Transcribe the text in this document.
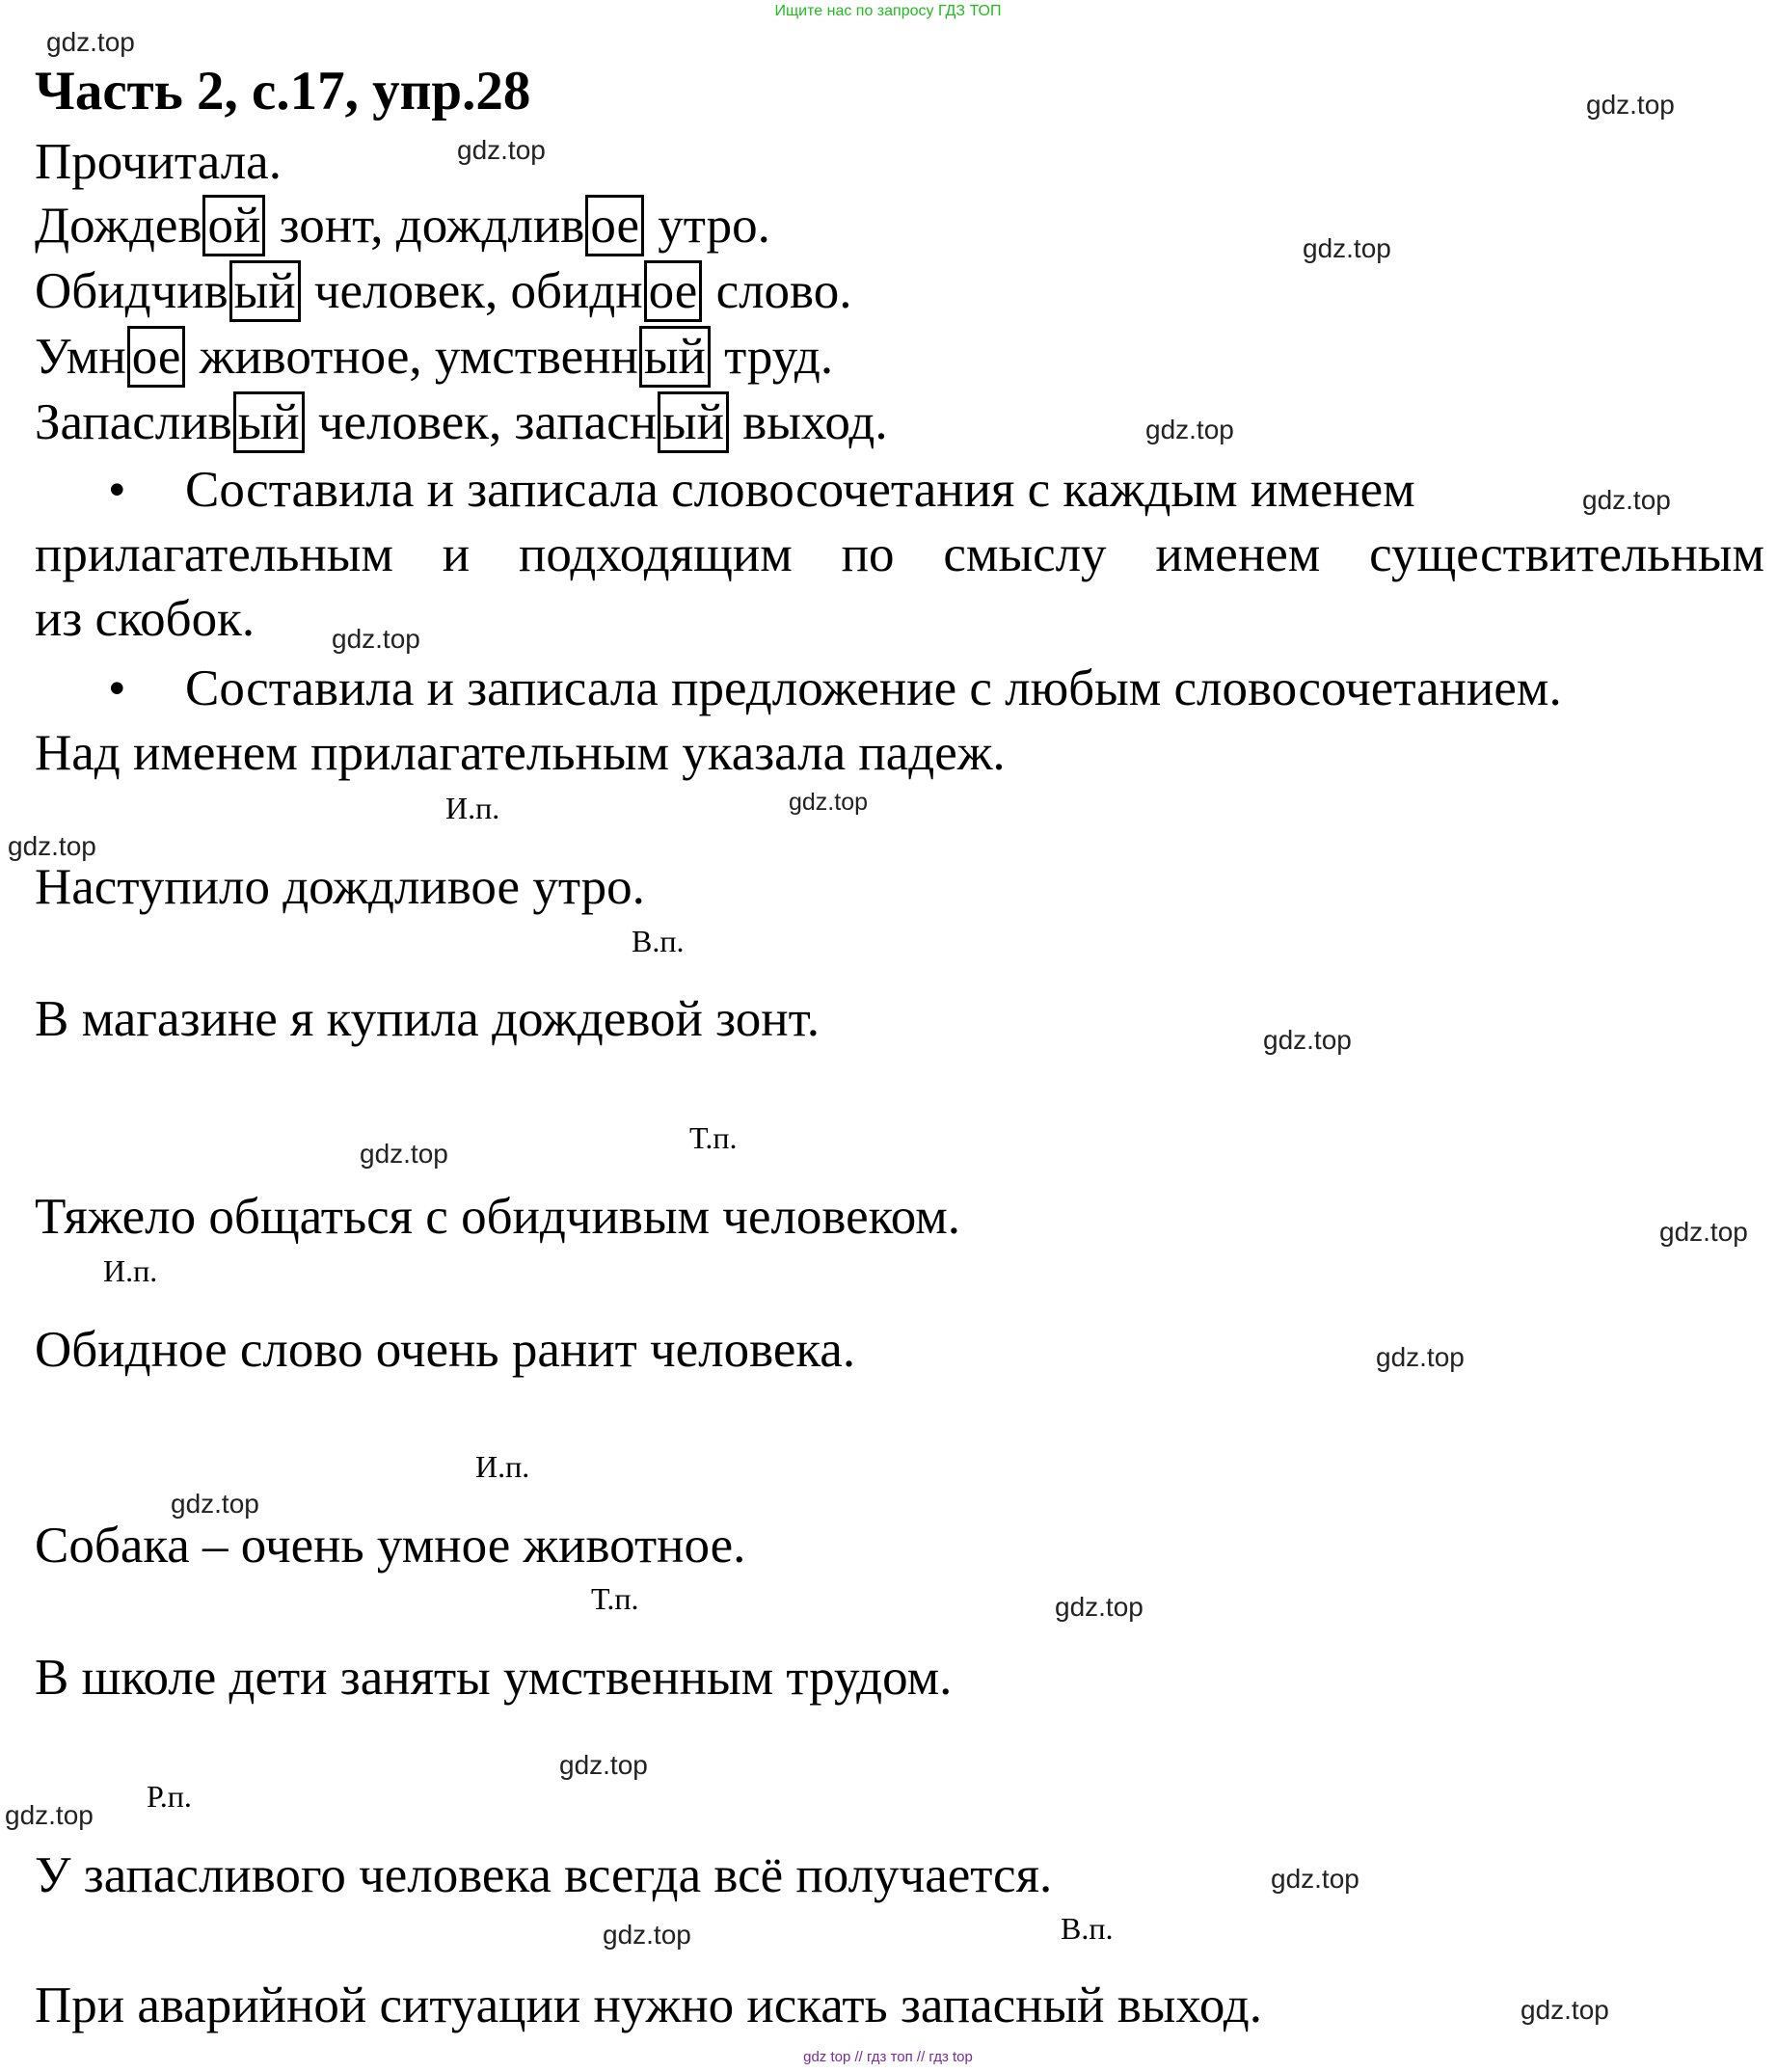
Ищите нас по запросу ГДЗ ТОП
gdz.top
gdz.top
gdz.top
gdz.top
gdz.top
gdz.top
gdz.top
gdz.top
gdz.top
gdz.top
gdz.top
gdz.top
gdz.top
gdz.top
gdz.top
gdz.top
gdz.top
gdz.top
gdz.top
gdz.top
Часть 2, с.17, упр.28
Прочитала.
Дождев ой зонт, дождлив ое утро.
Обидчив ый человек, обидн ое слово.
Умн ое животное, умственн ый труд.
Запаслив ый человек, запасн ый выход.
• Составила и записала словосочетания с каждым именем
прилагательным и подходящим по смыслу именем существительным
из скобок.
• Составила и записала предложение с любым словосочетанием.
Над именем прилагательным указала падеж.
И.п.
Наступило дождливое утро.
В.п.
В магазине я купила дождевой зонт.
Т.п.
Тяжело общаться с обидчивым человеком.
И.п.
Обидное слово очень ранит человека.
И.п.
Собака – очень умное животное.
Т.п.
В школе дети заняты умственным трудом.
Р.п.
У запасливого человека всегда всё получается.
В.п.
При аварийной ситуации нужно искать запасный выход.
gdz top // гдз топ // гдз top
